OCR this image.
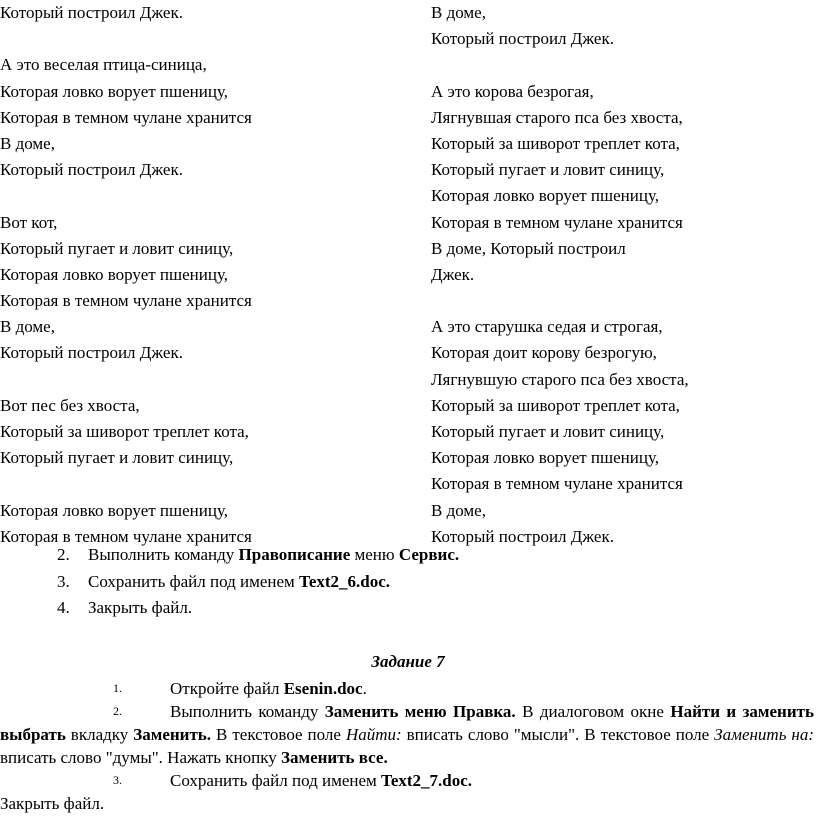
Который построил Джек.
А это веселая птица-синица,
Которая ловко ворует пшеницу,
Которая в темном чулане хранится
В доме,
Который построил Джек.
Вот кот,
Который пугает и ловит синицу,
Которая ловко ворует пшеницу,
Которая в темном чулане хранится
В доме,
Который построил Джек.
Вот пес без хвоста,
Который за шиворот треплет кота,
Который пугает и ловит синицу,
Которая ловко ворует пшеницу,
Которая в темном чулане хранится
В доме,
Который построил Джек.
А это корова безрогая,
Лягнувшая старого пса без хвоста,
Который за шиворот треплет кота,
Который пугает и ловит синицу,
Которая ловко ворует пшеницу,
Которая в темном чулане хранится
В доме, Который построил
Джек.
А это старушка седая и строгая,
Которая доит корову безрогую,
Лягнувшую старого пса без хвоста,
Который за шиворот треплет кота,
Который пугает и ловит синицу,
Которая ловко ворует пшеницу,
Которая в темном чулане хранится
В доме,
Который построил Джек.
2. Выполнить команду Правописание меню Сервис.
3. Сохранить файл под именем Text2_6.doc.
4. Закрыть файл.
Задание 7
1.	Откройте файл Esenin.doc.
2.	Выполнить команду Заменить меню Правка. В диалоговом окне Найти и заменить выбрать вкладку Заменить. В текстовое поле Найти: вписать слово "мысли". В текстовое поле Заменить на: вписать слово "думы". Нажать кнопку Заменить все.
3.	Сохранить файл под именем Text2_7.doc.
Закрыть файл.
